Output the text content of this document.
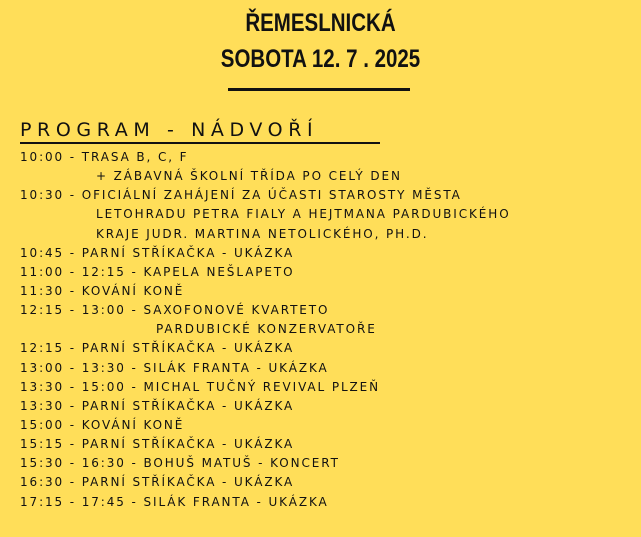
ŘEMESLNICKÁ
SOBOTA 12. 7 . 2025
PROGRAM - NÁDVOŘÍ
10:00 - TRASA B, C, F
+ ZÁBAVNÁ ŠKOLNÍ TŘÍDA PO CELÝ DEN
10:30 - OFICIÁLNÍ ZAHÁJENÍ ZA ÚČASTI STAROSTY MĚSTA
LETOHRADU PETRA FIALY A HEJTMANA PARDUBICKÉHO
KRAJE JUDR. MARTINA NETOLICKÉHO, PH.D.
10:45 - PARNÍ STŘÍKAČKA - UKÁZKA
11:00 - 12:15 - KAPELA NEŠLAPETO
11:30 - KOVÁNÍ KONĚ
12:15 - 13:00 - SAXOFONOVÉ KVARTETO
PARDUBICKÉ KONZERVATOŘE
12:15 - PARNÍ STŘÍKAČKA - UKÁZKA
13:00 - 13:30 - SILÁK FRANTA - UKÁZKA
13:30 - 15:00 - MICHAL TUČNÝ REVIVAL PLZEŇ
13:30 - PARNÍ STŘÍKAČKA - UKÁZKA
15:00 - KOVÁNÍ KONĚ
15:15 - PARNÍ STŘÍKAČKA - UKÁZKA
15:30 - 16:30 - BOHUŠ MATUŠ - KONCERT
16:30 - PARNÍ STŘÍKAČKA - UKÁZKA
17:15 - 17:45 - SILÁK FRANTA - UKÁZKA
